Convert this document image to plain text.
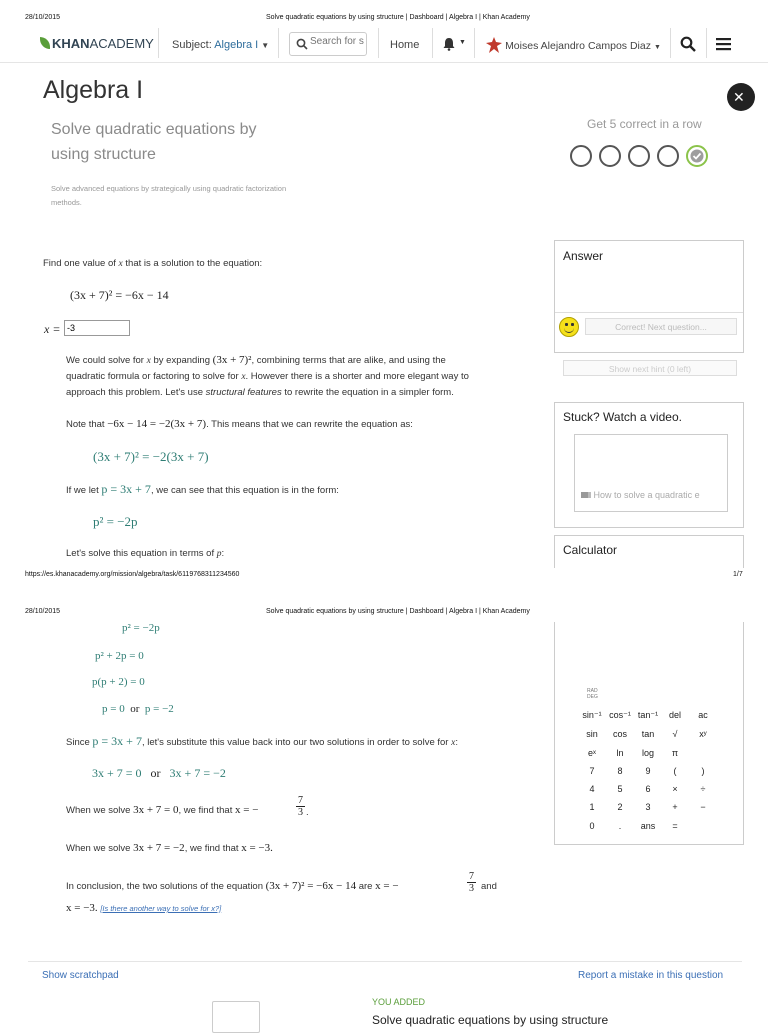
28/10/2015	Solve quadratic equations by using structure | Dashboard | Algebra I | Khan Academy
KHANACADEMY Subject: Algebra I ▼
Search for s	Home	▼	Moises Alejandro Campos Diaz ▼
Algebra I	✕
Solve quadratic equations by
using structure
Solve advanced equations by strategically using quadratic factorization
methods.
Get 5 correct in a row
Find one value of x that is a solution to the equation:
(3x + 7)² = −6x − 14
x =
-3
We could solve for x by expanding (3x + 7)², combining terms that are alike, and using the
quadratic formula or factoring to solve for x. However there is a shorter and more elegant way to
approach this problem. Let's use structural features to rewrite the equation in a simpler form.
Note that −6x − 14 = −2(3x + 7). This means that we can rewrite the equation as:
(3x + 7)² = −2(3x + 7)
If we let p = 3x + 7, we can see that this equation is in the form:
p² = −2p
Let's solve this equation in terms of p:
Answer
Correct! Next question...
Show next hint (0 left)
Stuck? Watch a video.
How to solve a quadratic e
Calculator
https://es.khanacademy.org/mission/algebra/task/6119768311234560	1/7
28/10/2015	Solve quadratic equations by using structure | Dashboard | Algebra I | Khan Academy
RAD
DEG
sin⁻¹ cos⁻¹ tan⁻¹	del	ac
sin	cos	tan	√	xʸ
eˣ	ln	log	π
7	8	9	(	)
4	5	6	×	÷
1	2	3	+	−
0	.	ans	=
p² = −2p
p² + 2p = 0
p(p + 2) = 0
p = 0 or p = −2
Since p = 3x + 7, let's substitute this value back into our two solutions in order to solve for x:
3x + 7 = 0 or 3x + 7 = −2
When we solve 3x + 7 = 0, we find that x = −
7
3 .
When we solve 3x + 7 = −2, we find that x = −3.
In conclusion, the two solutions of the equation (3x + 7)² = −6x − 14 are x = −
7
3 and
x = −3. [Is there another way to solve for x?]
Show scratchpad	Report a mistake in this question
YOU ADDED
Solve quadratic equations by using structure
